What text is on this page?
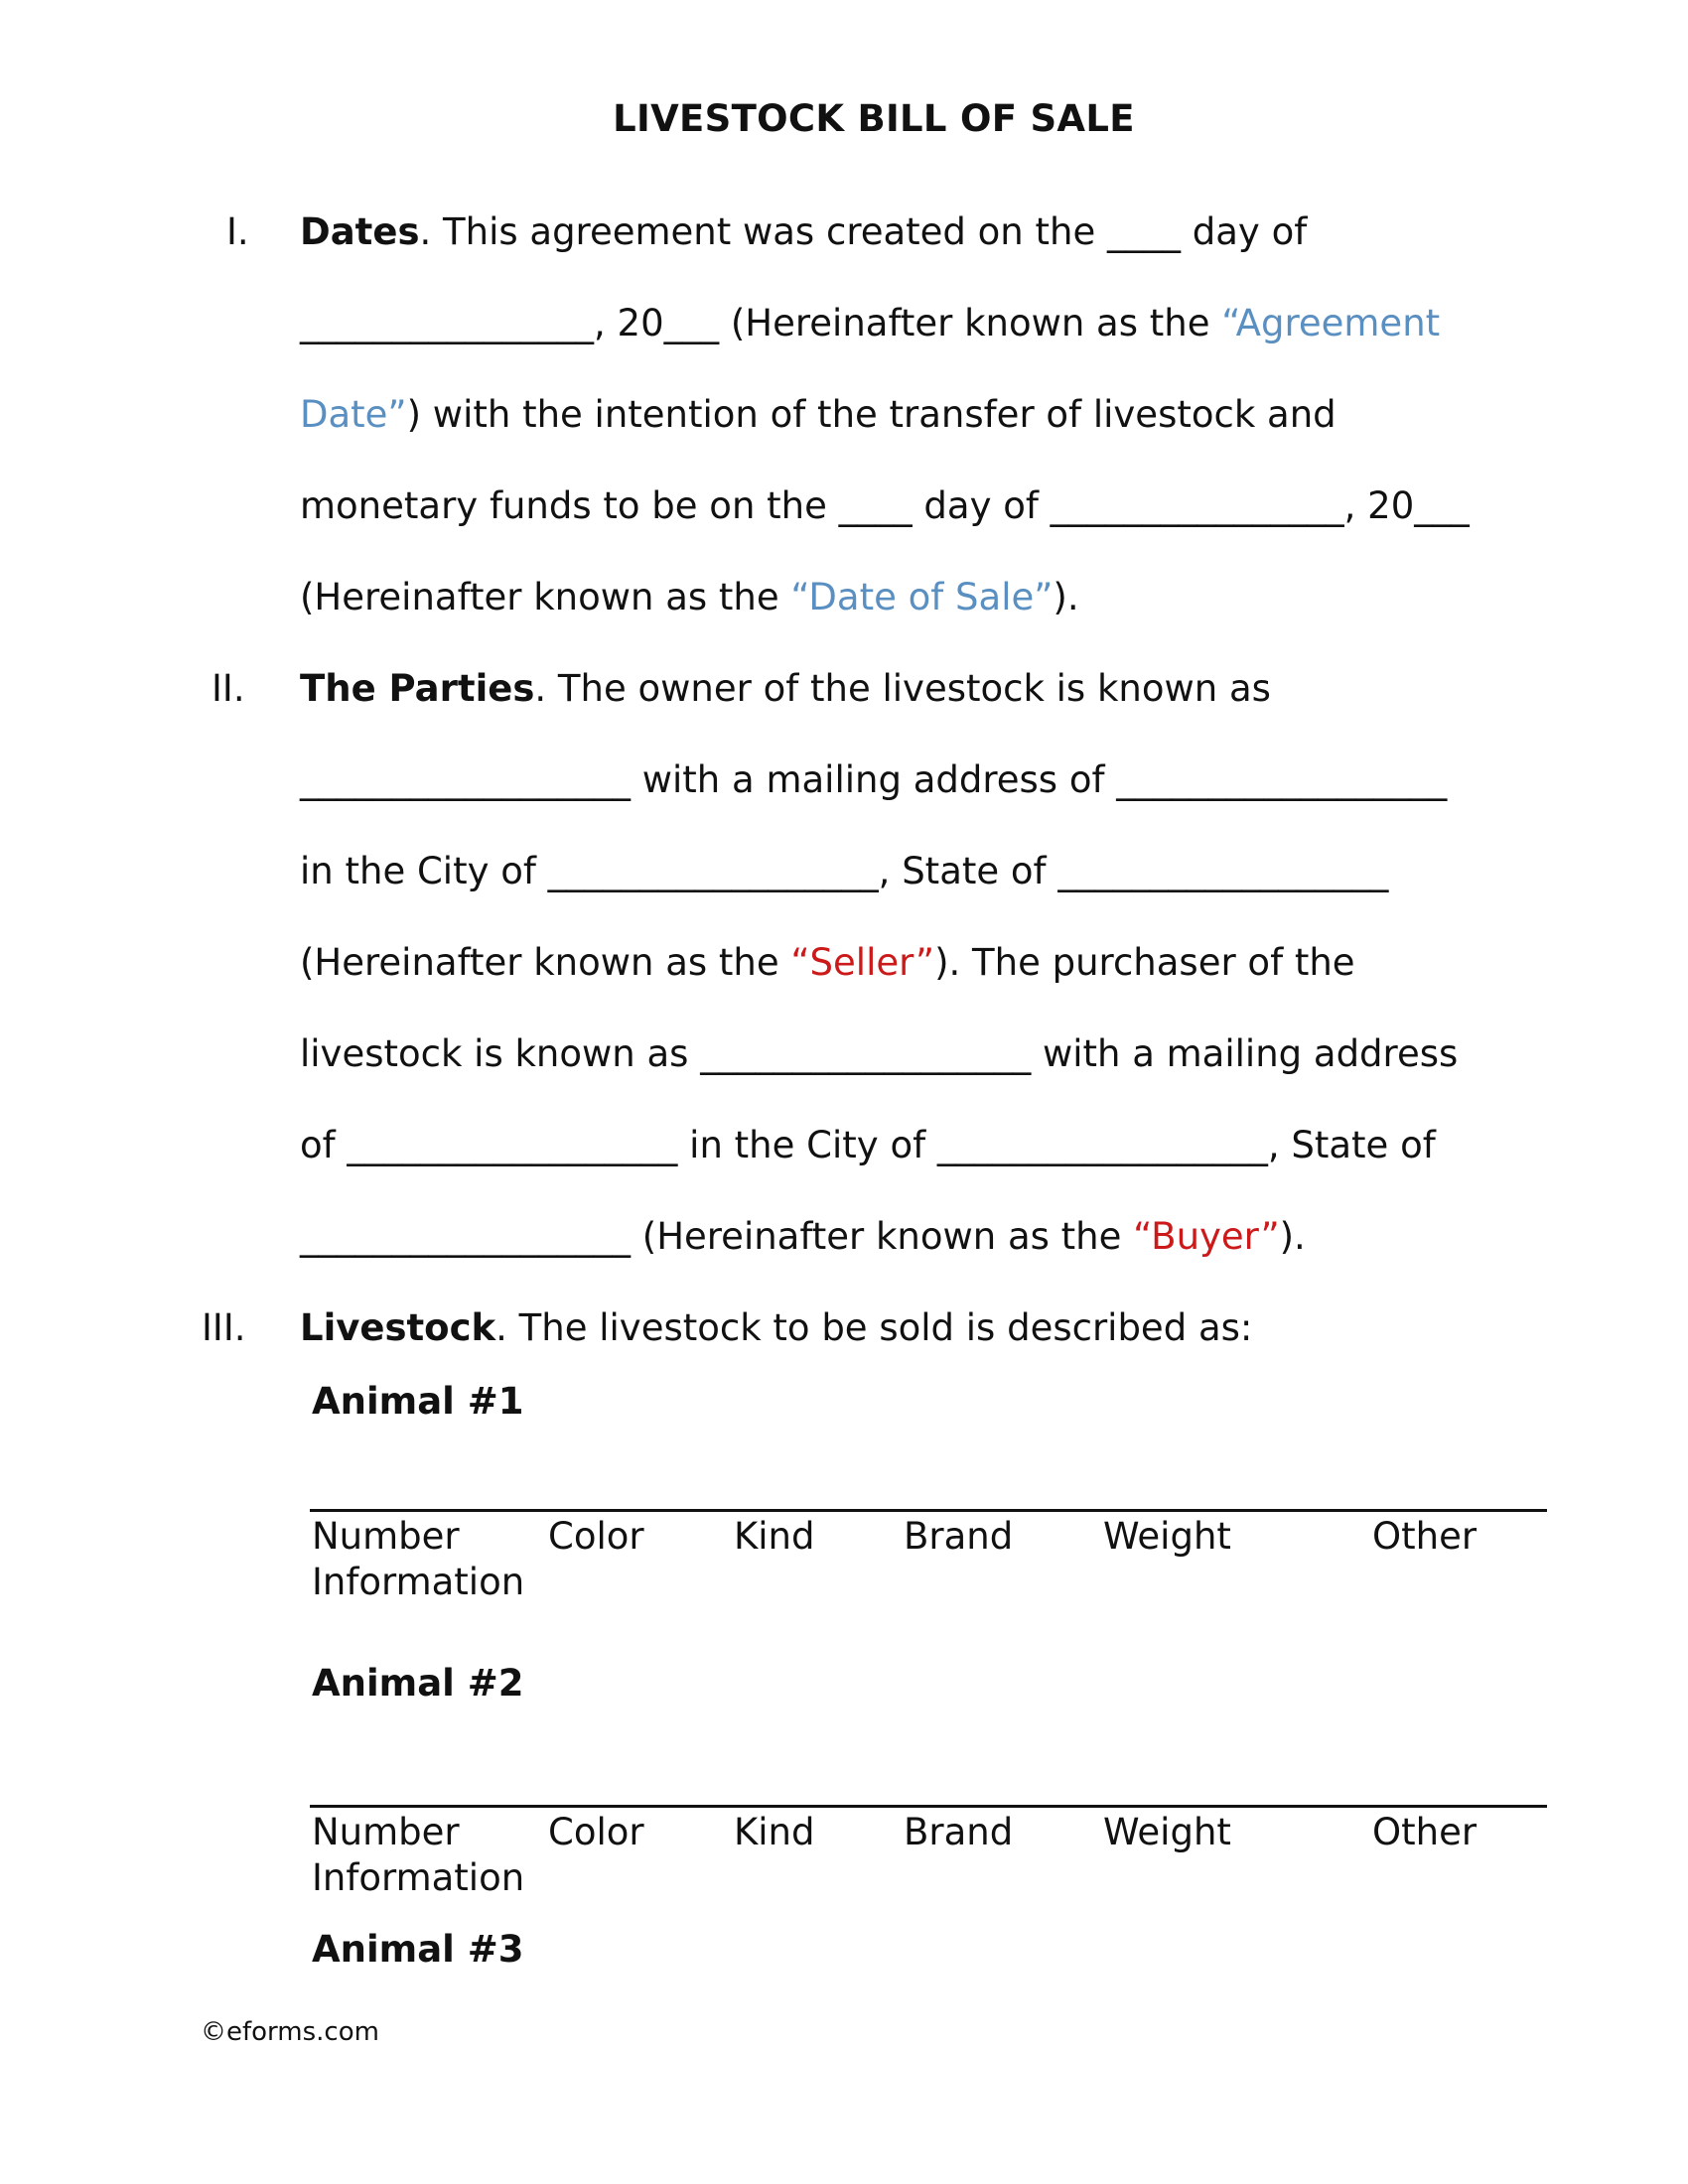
LIVESTOCK BILL OF SALE
I. Dates. This agreement was created on the ____ day of
________________, 20___ (Hereinafter known as the “Agreement
Date”) with the intention of the transfer of livestock and
monetary funds to be on the ____ day of ________________, 20___
(Hereinafter known as the “Date of Sale”).
II. The Parties. The owner of the livestock is known as
__________________ with a mailing address of __________________
in the City of __________________, State of __________________
(Hereinafter known as the “Seller”). The purchaser of the
livestock is known as __________________ with a mailing address
of __________________ in the City of __________________, State of
__________________ (Hereinafter known as the “Buyer”).
III. Livestock. The livestock to be sold is described as:
Animal #1
Number
Information
Color Kind Brand Weight	Other
Animal #2
Number
Information
Color Kind Brand Weight	Other
Animal #3
©eforms.com
